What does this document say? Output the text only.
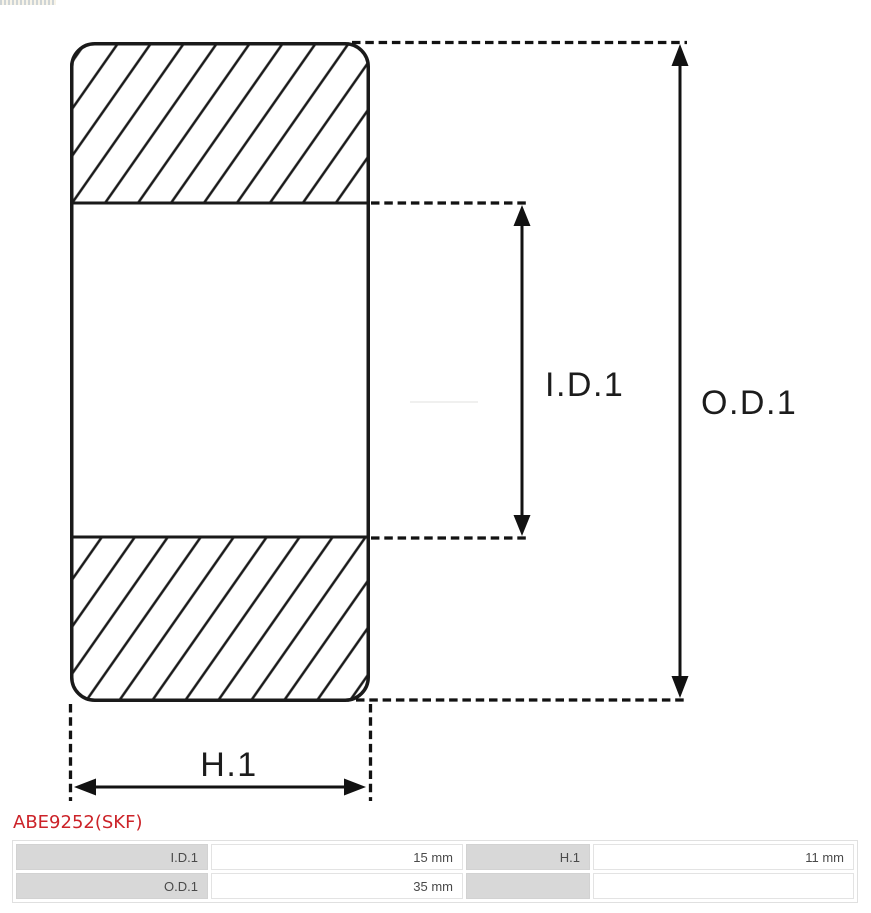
I.D.1 O.D.1
H.1
ABE9252(SKF)
I.D.1	15 mm	H.1	11 mm
O.D.1	35 mm		
